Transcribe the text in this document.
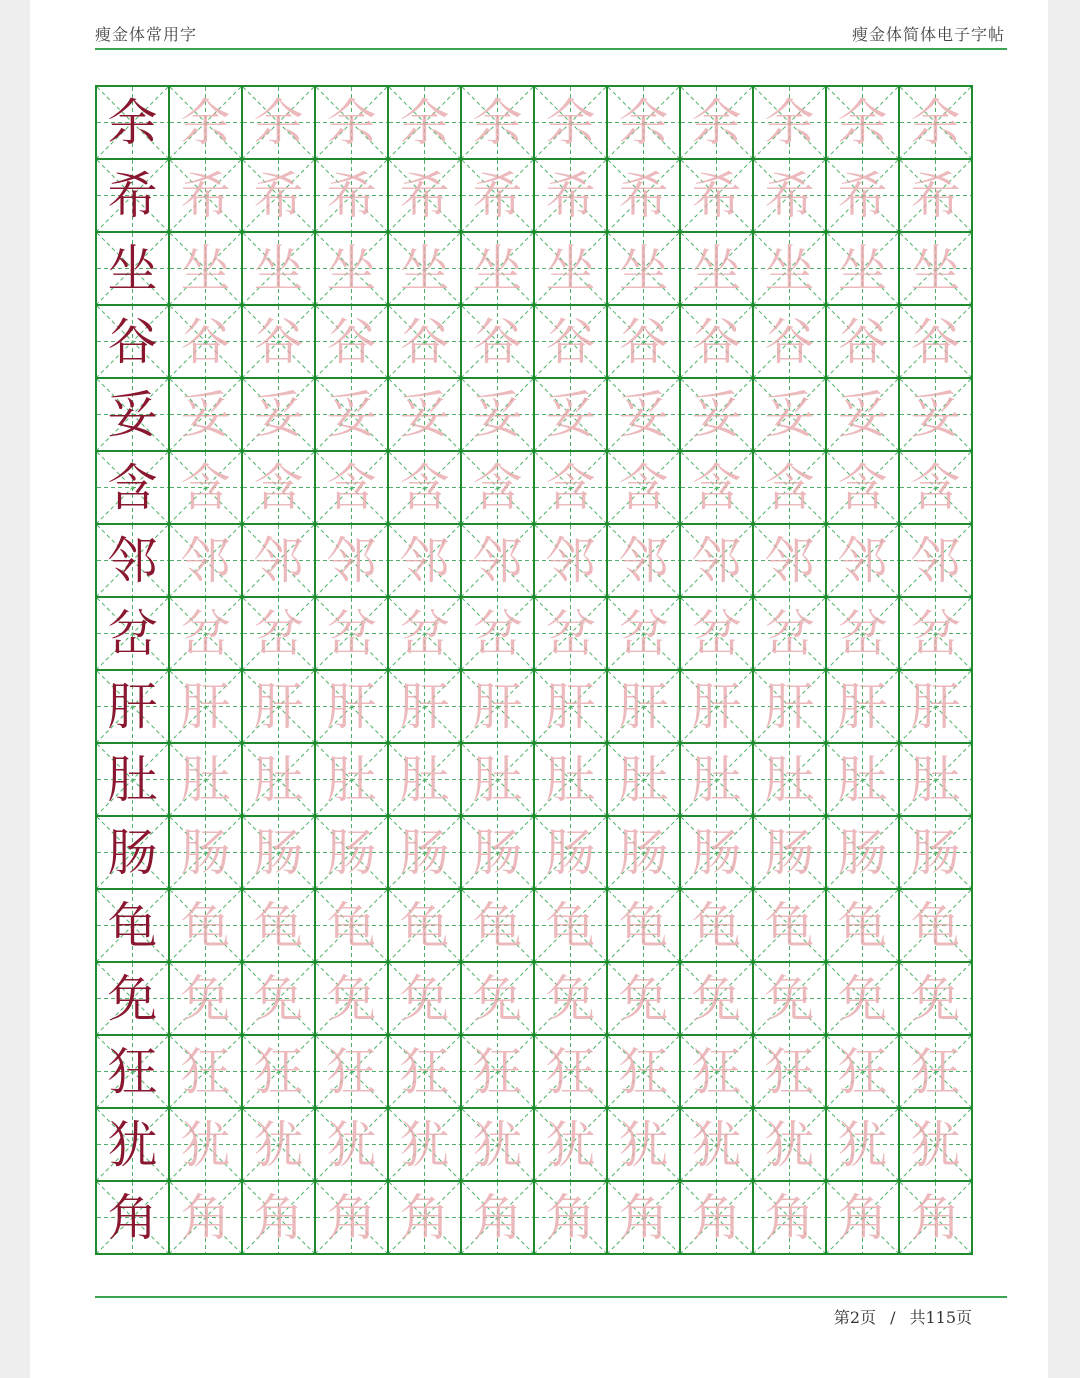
瘦金体常用字	瘦金体简体电子字帖
余 余 余 余 余 余 余 余 余 余 余 余
希 希 希 希 希 希 希 希 希 希 希 希
坐 坐 坐 坐 坐 坐 坐 坐 坐 坐 坐 坐
谷 谷 谷 谷 谷 谷 谷 谷 谷 谷 谷 谷
妥 妥 妥 妥 妥 妥 妥 妥 妥 妥 妥 妥
含 含 含 含 含 含 含 含 含 含 含 含
邻 邻 邻 邻 邻 邻 邻 邻 邻 邻 邻 邻
岔 岔 岔 岔 岔 岔 岔 岔 岔 岔 岔 岔
肝 肝 肝 肝 肝 肝 肝 肝 肝 肝 肝 肝
肚 肚 肚 肚 肚 肚 肚 肚 肚 肚 肚 肚
肠 肠 肠 肠 肠 肠 肠 肠 肠 肠 肠 肠
龟 龟 龟 龟 龟 龟 龟 龟 龟 龟 龟 龟
免 免 免 免 免 免 免 免 免 免 免 免
狂 狂 狂 狂 狂 狂 狂 狂 狂 狂 狂 狂
犹 犹 犹 犹 犹 犹 犹 犹 犹 犹 犹 犹
角 角 角 角 角 角 角 角 角 角 角 角
第2页 / 共115页
